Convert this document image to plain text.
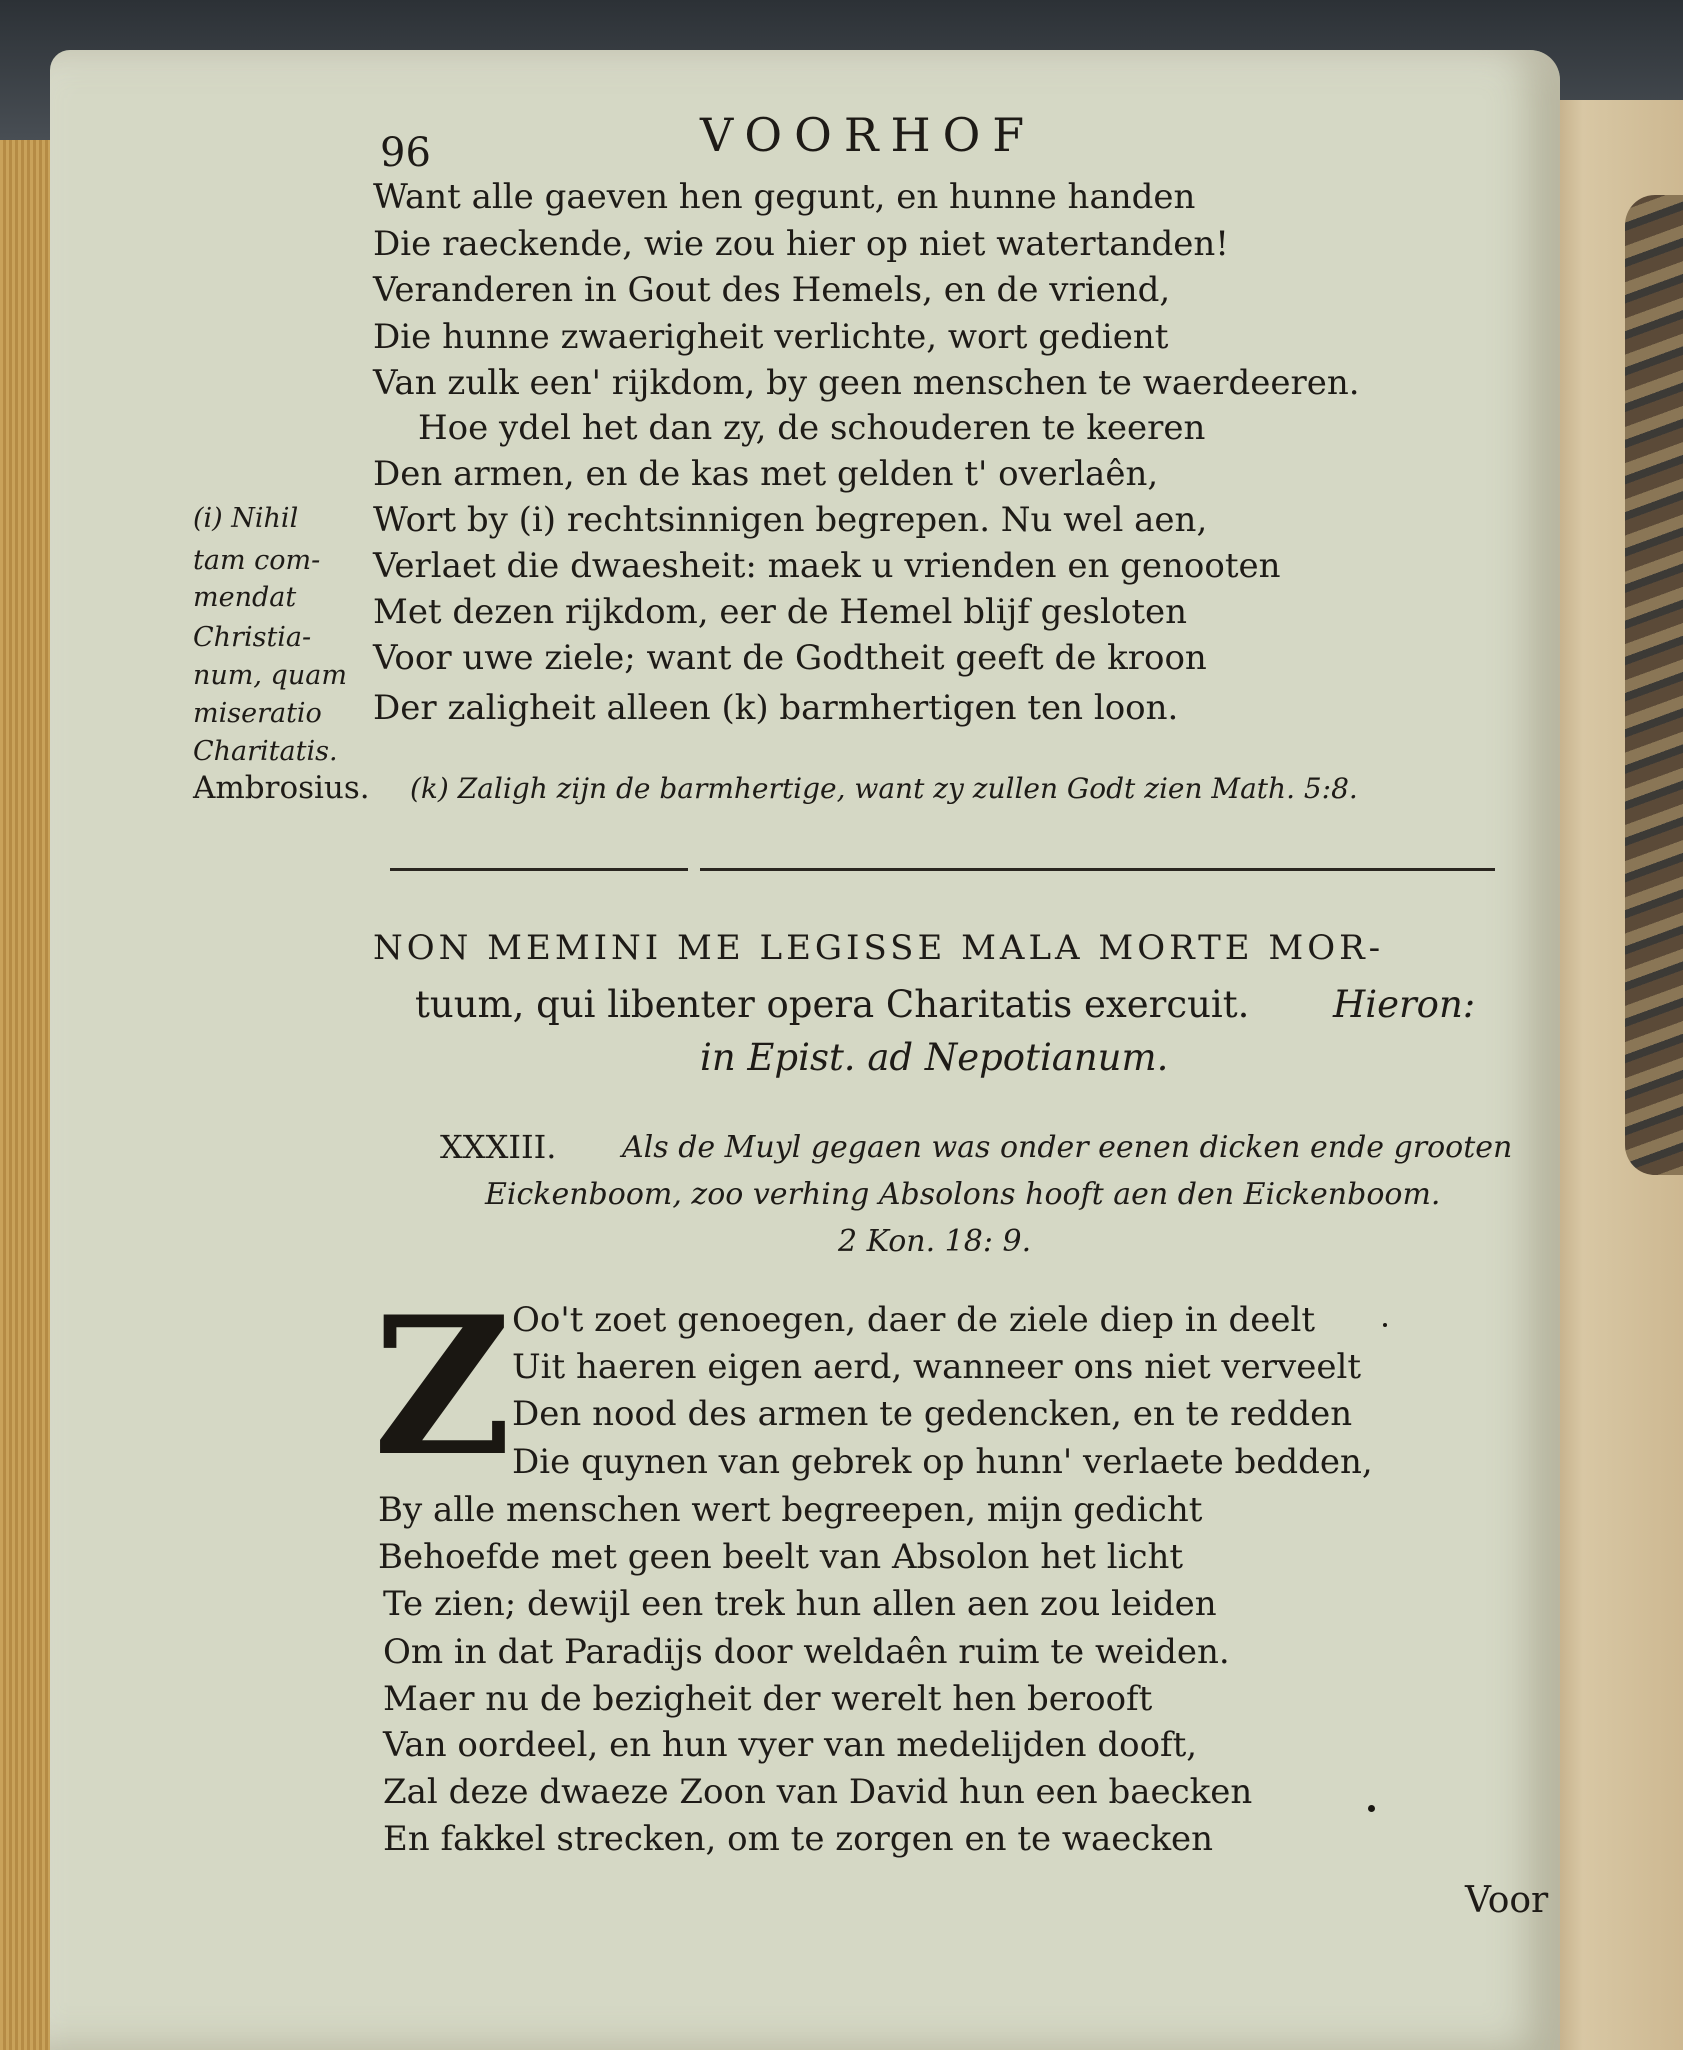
96	VOORHOF
Want alle gaeven hen gegunt, en hunne handen
Die raeckende, wie zou hier op niet watertanden!
Veranderen in Gout des Hemels, en de vriend,
Die hunne zwaerigheit verlichte, wort gedient
Van zulk een' rijkdom, by geen menschen te waerdeeren.
Hoe ydel het dan zy, de schouderen te keeren
Den armen, en de kas met gelden t' overlaên,
Wort by (i) rechtsinnigen begrepen. Nu wel aen,
Verlaet die dwaesheit: maek u vrienden en genooten
Met dezen rijkdom, eer de Hemel blijf gesloten
Voor uwe ziele; want de Godtheit geeft de kroon
Der zaligheit alleen (k) barmhertigen ten loon.
(i) Nihil
tam com-
mendat
Christia-
num, quam
miseratio
Charitatis.
Ambrosius. (k) Zaligh zijn de barmhertige, want zy zullen Godt zien Math. 5:8.
NON MEMINI ME LEGISSE MALA MORTE MOR-
tuum, qui libenter opera Charitatis exercuit. Hieron:
in Epist. ad Nepotianum.
XXXIII. Als de Muyl gegaen was onder eenen dicken ende grooten
Eickenboom, zoo verhing Absolons hooft aen den Eickenboom.
2 Kon. 18: 9.
Z Oo't zoet genoegen, daer de ziele diep in deelt
Uit haeren eigen aerd, wanneer ons niet verveelt
Den nood des armen te gedencken, en te redden
Die quynen van gebrek op hunn' verlaete bedden,
By alle menschen wert begreepen, mijn gedicht
Behoefde met geen beelt van Absolon het licht
Te zien; dewijl een trek hun allen aen zou leiden
Om in dat Paradijs door weldaên ruim te weiden.
Maer nu de bezigheit der werelt hen berooft
Van oordeel, en hun vyer van medelijden dooft,
Zal deze dwaeze Zoon van David hun een baecken
En fakkel strecken, om te zorgen en te waecken
Voor
